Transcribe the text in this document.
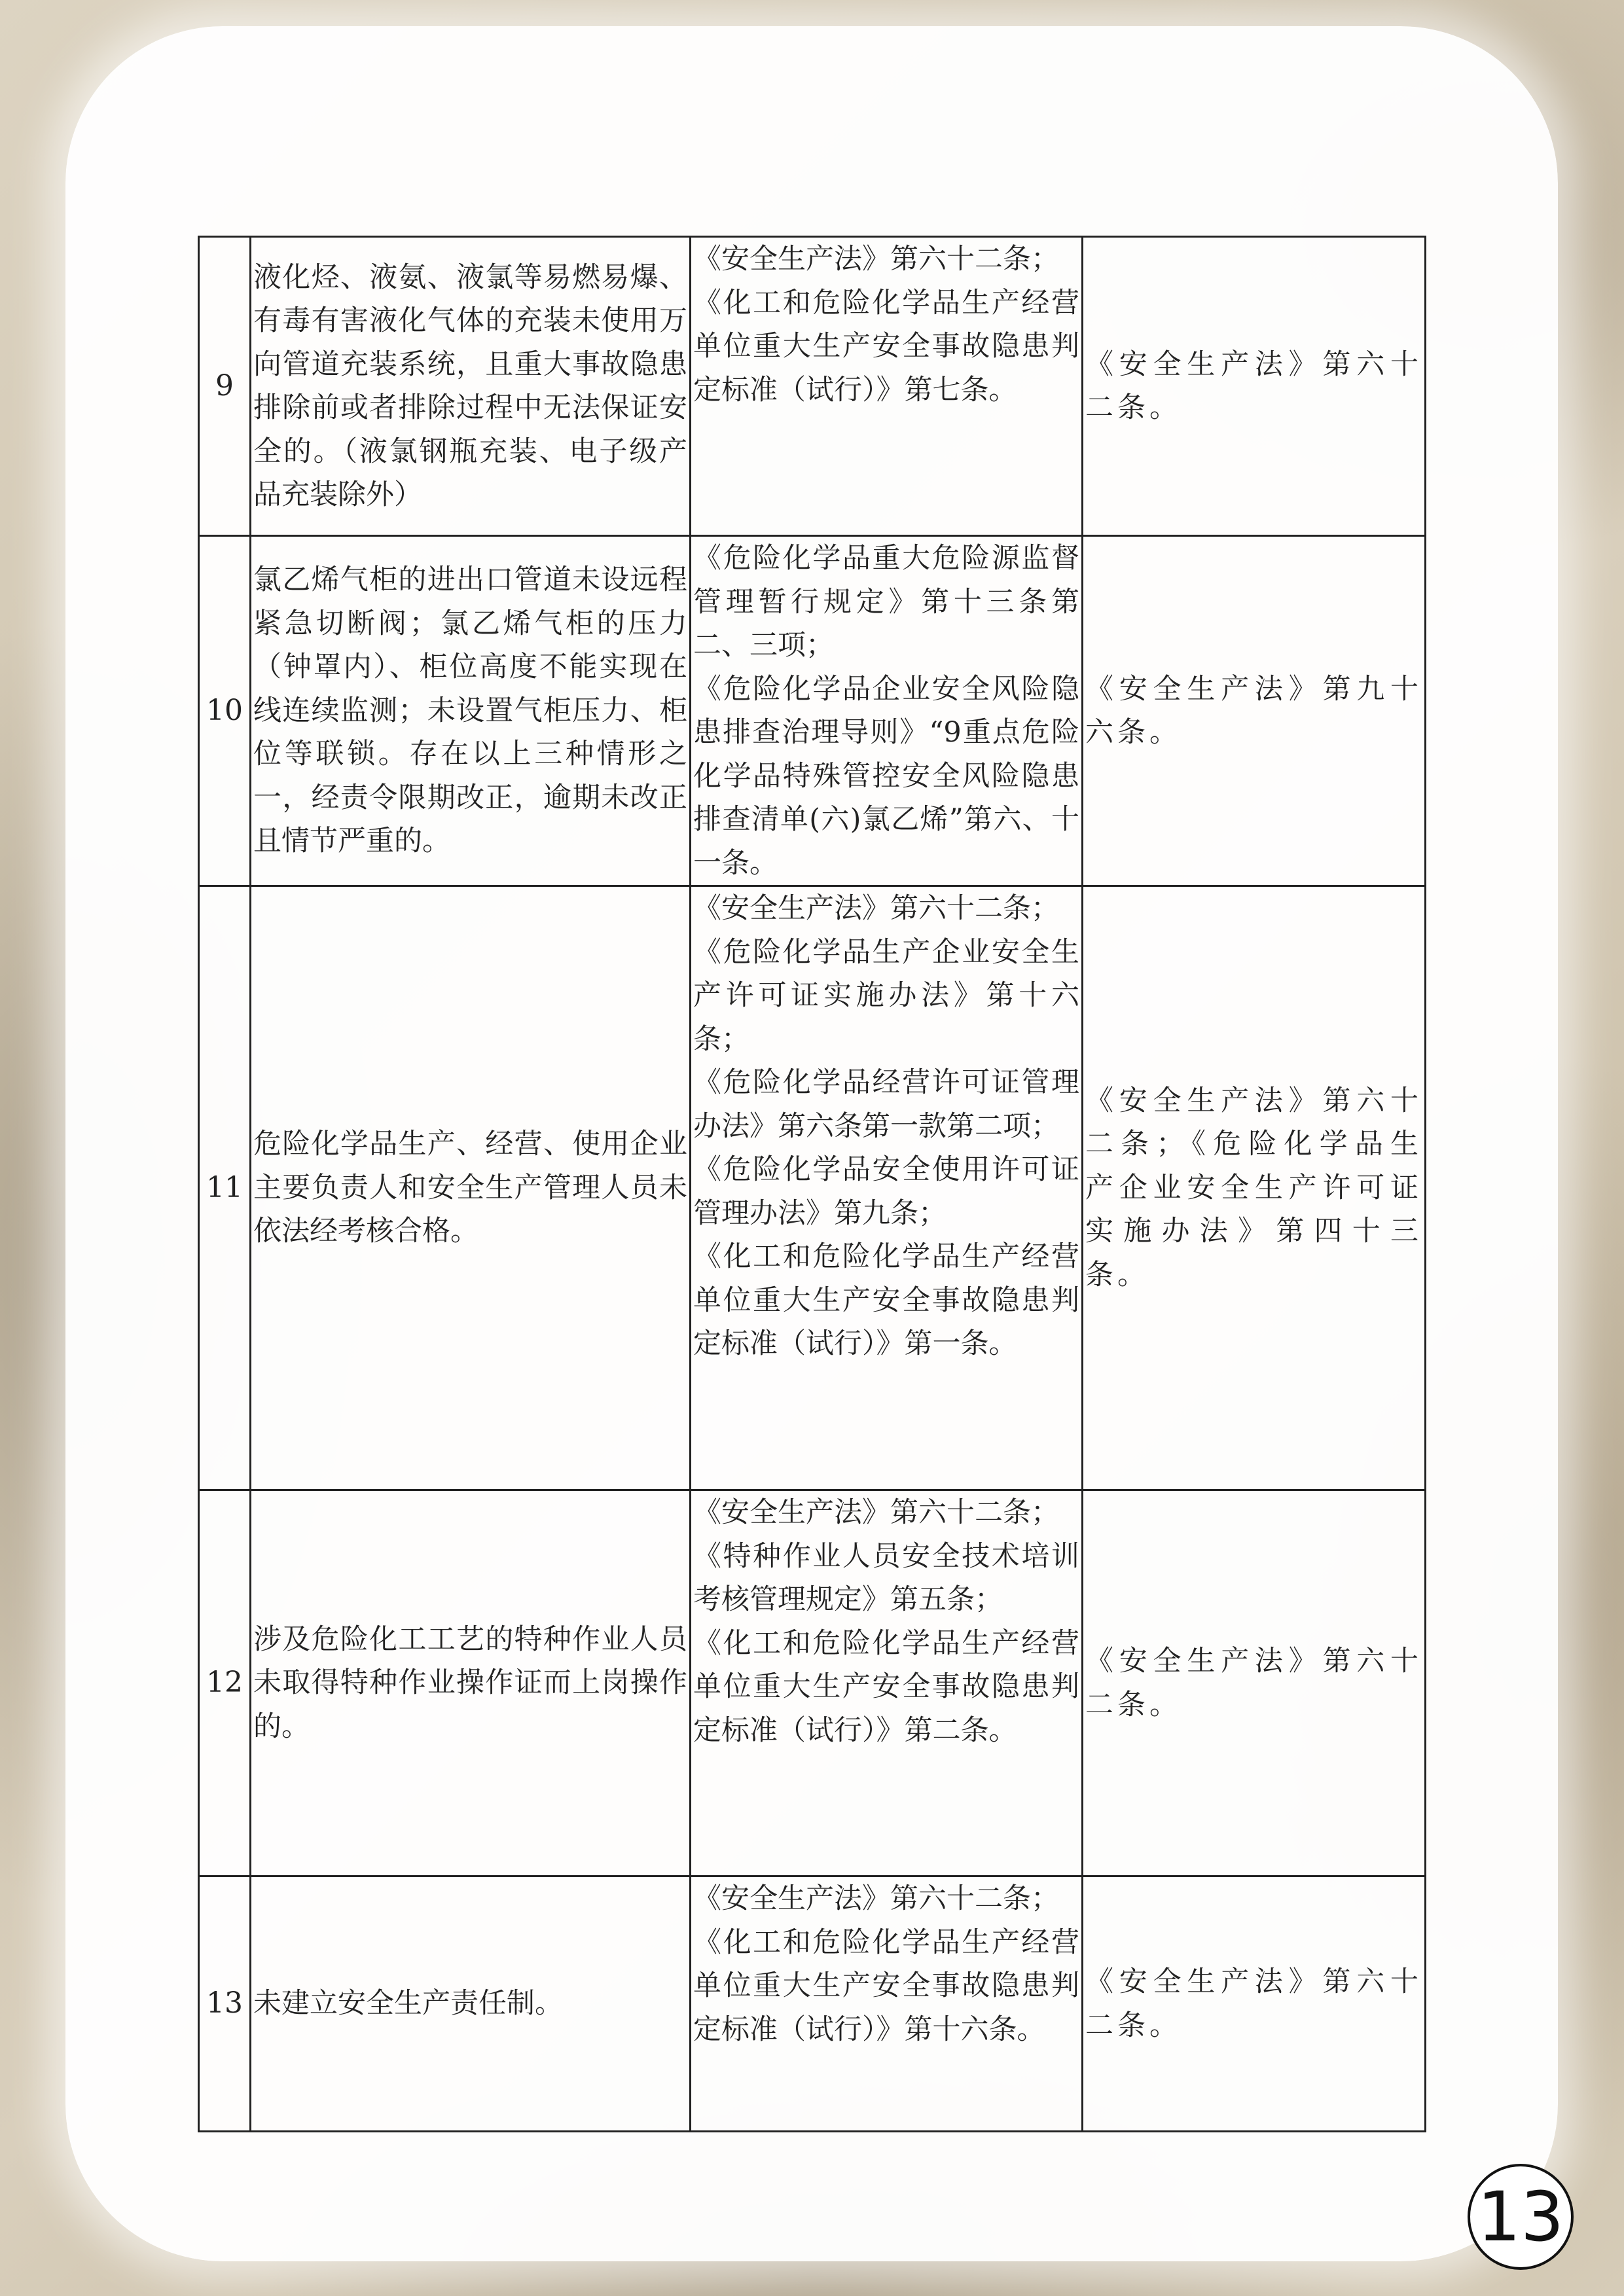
9	液化烃、液氨、液氯等易燃易爆、有毒有害液化气体的充装未使用万向管道充装系统，且重大事故隐患排除前或者排除过程中无法保证安全的。（液氯钢瓶充装、电子级产品充装除外）	《安全生产法》第六十二条；
《化工和危险化学品生产经营单位重大生产安全事故隐患判定标准（试行）》第七条。	《安全生产法》第六十二条。
10	氯乙烯气柜的进出口管道未设远程紧急切断阀；氯乙烯气柜的压力（钟罩内）、柜位高度不能实现在线连续监测；未设置气柜压力、柜位等联锁。存在以上三种情形之一，经责令限期改正，逾期未改正且情节严重的。	《危险化学品重大危险源监督管理暂行规定》第十三条第二、三项；
《危险化学品企业安全风险隐患排查治理导则》“9重点危险化学品特殊管控安全风险隐患排查清单(六)氯乙烯”第六、十一条。	《安全生产法》第九十六条。
11	危险化学品生产、经营、使用企业主要负责人和安全生产管理人员未依法经考核合格。	《安全生产法》第六十二条；
《危险化学品生产企业安全生产许可证实施办法》第十六条；
《危险化学品经营许可证管理办法》第六条第一款第二项；
《危险化学品安全使用许可证管理办法》第九条；
《化工和危险化学品生产经营单位重大生产安全事故隐患判定标准（试行）》第一条。	《安全生产法》第六十二条；《危险化学品生产企业安全生产许可证实施办法》第四十三条。
12	涉及危险化工工艺的特种作业人员未取得特种作业操作证而上岗操作的。	《安全生产法》第六十二条；
《特种作业人员安全技术培训考核管理规定》第五条；
《化工和危险化学品生产经营单位重大生产安全事故隐患判定标准（试行）》第二条。	《安全生产法》第六十二条。
13	未建立安全生产责任制。	《安全生产法》第六十二条；
《化工和危险化学品生产经营单位重大生产安全事故隐患判定标准（试行）》第十六条。	《安全生产法》第六十二条。
13
